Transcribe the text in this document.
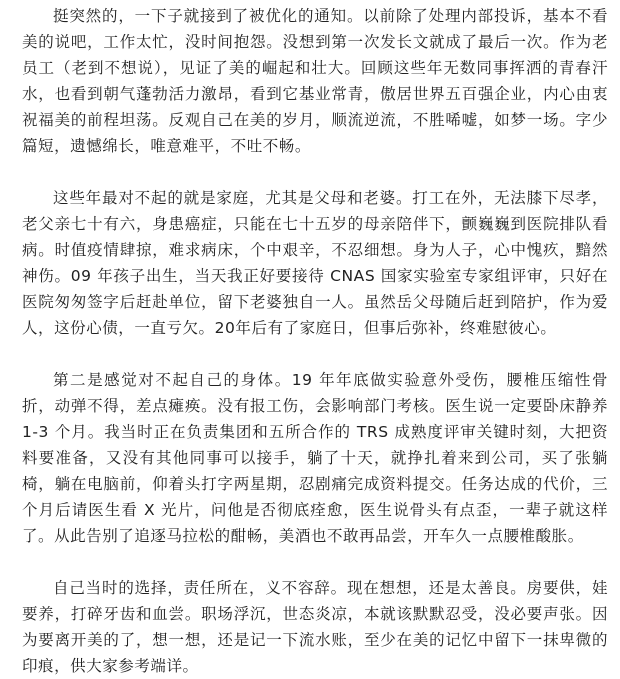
挺突然的，一下子就接到了被优化的通知。以前除了处理内部投诉，基本不看美的说吧，工作太忙，没时间抱怨。没想到第一次发长文就成了最后一次。作为老员工（老到不想说），见证了美的崛起和壮大。回顾这些年无数同事挥洒的青春汗水，也看到朝气蓬勃活力激昂，看到它基业常青，傲居世界五百强企业，内心由衷祝福美的前程坦荡。反观自己在美的岁月，顺流逆流，不胜唏嘘，如梦一场。字少篇短，遗憾绵长，唯意难平，不吐不畅。

这些年最对不起的就是家庭，尤其是父母和老婆。打工在外，无法膝下尽孝，老父亲七十有六，身患癌症，只能在七十五岁的母亲陪伴下，颤巍巍到医院排队看病。时值疫情肆掠，难求病床，个中艰辛，不忍细想。身为人子，心中愧疚，黯然神伤。09 年孩子出生，当天我正好要接待 CNAS 国家实验室专家组评审，只好在医院匆匆签字后赶赴单位，留下老婆独自一人。虽然岳父母随后赶到陪护，作为爱人，这份心债，一直亏欠。20年后有了家庭日，但事后弥补，终难慰彼心。

第二是感觉对不起自己的身体。19 年年底做实验意外受伤，腰椎压缩性骨折，动弹不得，差点瘫痪。没有报工伤，会影响部门考核。医生说一定要卧床静养 1-3 个月。我当时正在负责集团和五所合作的 TRS 成熟度评审关键时刻，大把资料要准备，又没有其他同事可以接手，躺了十天，就挣扎着来到公司，买了张躺椅，躺在电脑前，仰着头打字两星期，忍剧痛完成资料提交。任务达成的代价，三个月后请医生看 X 光片，问他是否彻底痊愈，医生说骨头有点歪，一辈子就这样了。从此告别了追逐马拉松的酣畅，美酒也不敢再品尝，开车久一点腰椎酸胀。

自己当时的选择，责任所在，义不容辞。现在想想，还是太善良。房要供，娃要养，打碎牙齿和血尝。职场浮沉，世态炎凉，本就该默默忍受，没必要声张。因为要离开美的了，想一想，还是记一下流水账，至少在美的记忆中留下一抹卑微的印痕，供大家参考端详。
